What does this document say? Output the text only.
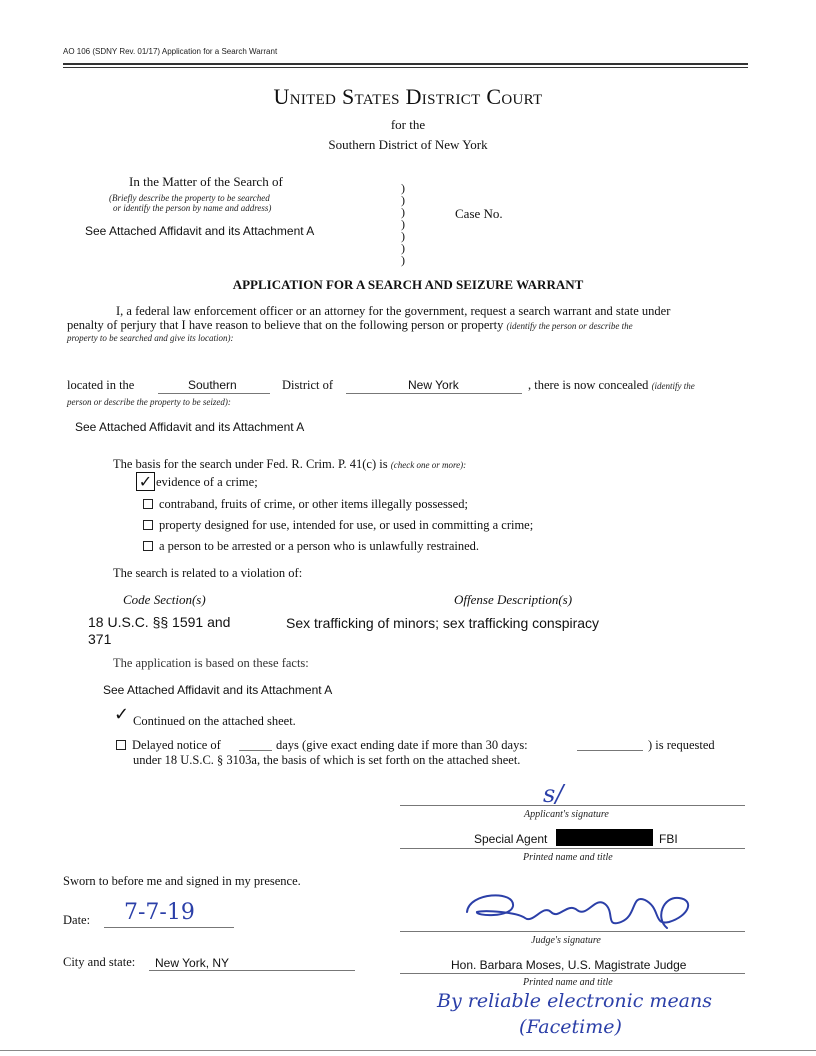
AO 106 (SDNY Rev. 01/17) Application for a Search Warrant
United States District Court
for the
Southern District of New York
In the Matter of the Search of
(Briefly describe the property to be searched
or identify the person by name and address)
See Attached Affidavit and its Attachment A
)
)
)
)
)
)
)
Case No.
APPLICATION FOR A SEARCH AND SEIZURE WARRANT
I, a federal law enforcement officer or an attorney for the government, request a search warrant and state under
penalty of perjury that I have reason to believe that on the following person or property (identify the person or describe the
property to be searched and give its location):
located in the	Southern	District of	New York	, there is now concealed (identify the
person or describe the property to be seized):
See Attached Affidavit and its Attachment A
The basis for the search under Fed. R. Crim. P. 41(c) is (check one or more):
✓ evidence of a crime;
contraband, fruits of crime, or other items illegally possessed;
property designed for use, intended for use, or used in committing a crime;
a person to be arrested or a person who is unlawfully restrained.
The search is related to a violation of:
Code Section(s)	Offense Description(s)
18 U.S.C. §§ 1591 and
371
Sex trafficking of minors; sex trafficking conspiracy
The application is based on these facts:
See Attached Affidavit and its Attachment A
✓ Continued on the attached sheet.
Delayed notice of	days (give exact ending date if more than 30 days:	) is requested
under 18 U.S.C. § 3103a, the basis of which is set forth on the attached sheet.
s/
Applicant's signature
Special Agent	FBI
Printed name and title
Sworn to before me and signed in my presence.
Date: 7-7-19
Judge's signature
City and state: New York, NY	Hon. Barbara Moses, U.S. Magistrate Judge
Printed name and title
By reliable electronic means
(Facetime)
